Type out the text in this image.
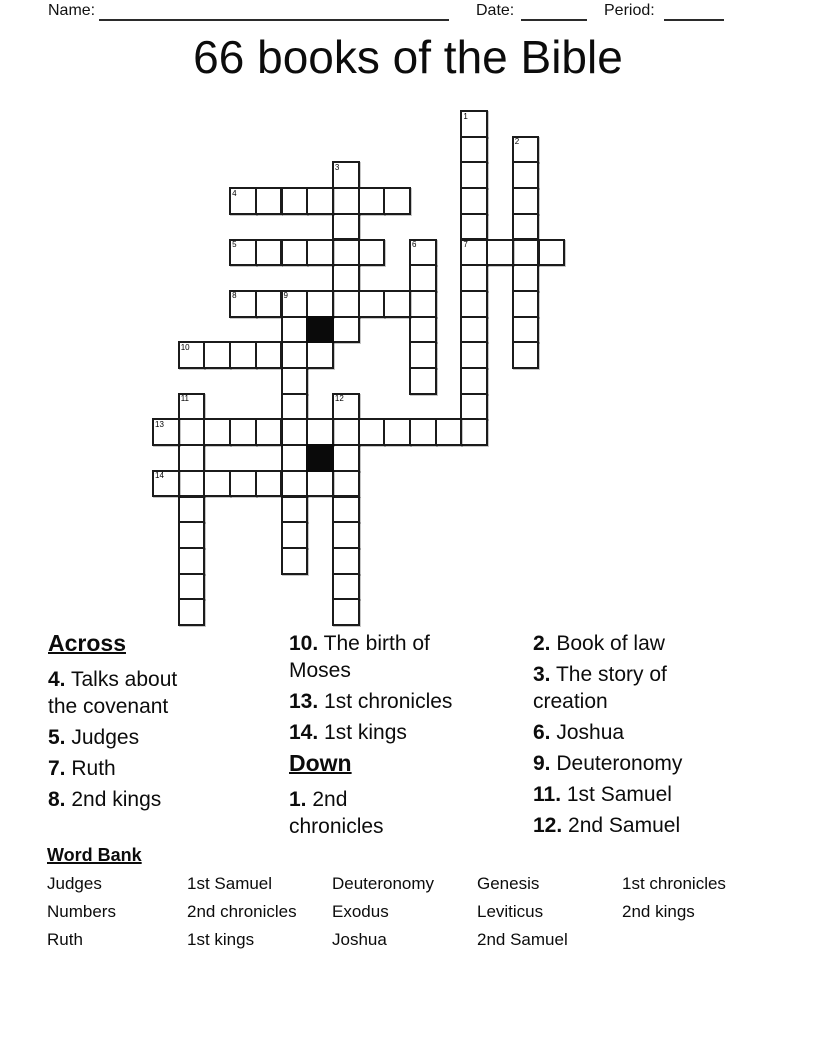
Name:	Date:	Period:
66 books of the Bible
1
2
3
4
5	6	7
8	9
10
11	12
13
14
Across

4. Talks about
the covenant

5. Judges

7. Ruth

8. 2nd kings

10. The birth of
Moses

13. 1st chronicles

14. 1st kings

Down

1. 2nd
chronicles

2. Book of law

3. The story of
creation

6. Joshua

9. Deuteronomy

11. 1st Samuel

12. 2nd Samuel

Word Bank
Judges	1st Samuel	Deuteronomy	Genesis	1st chronicles
Numbers	2nd chronicles	Exodus	Leviticus	2nd kings
Ruth	1st kings	Joshua	2nd Samuel
